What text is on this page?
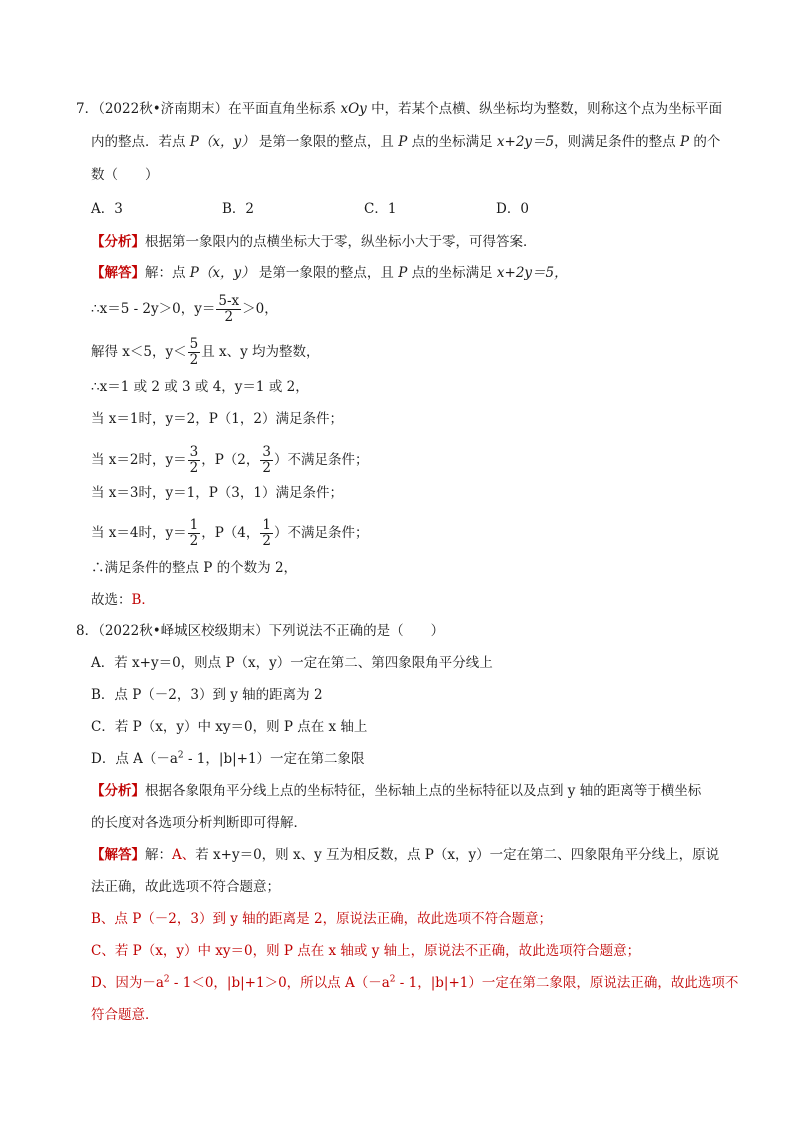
7．（2022秋•济南期末）在平面直角坐标系 xOy 中，若某个点横、纵坐标均为整数，则称这个点为坐标平面
内的整点．若点 P（x，y） 是第一象限的整点，且 P 点的坐标满足 x+2y＝5，则满足条件的整点 P 的个
数（　　）
A．3	B．2	C．1	D．0
【分析】根据第一象限内的点横坐标大于零，纵坐标小大于零，可得答案．
【解答】解：点 P（x，y） 是第一象限的整点，且 P 点的坐标满足 x+2y＝5，
∴x＝5 - 2y＞0，$y= \frac{5-x}{2} >0$，
解得 x＜5，$y< \frac{5}{2}$ 且 x、y 均为整数，
∴x＝1 或 2 或 3 或 4，y＝1 或 2，
当 x＝1时，y＝2，P（1，2）满足条件；
当 x＝2时，$y= \frac{3}{2}$ ，P（2， $\frac{3}{2}$ ）不满足条件；
当 x＝3时，y＝1，P（3，1）满足条件；
当 x＝4时，$y= \frac{1}{2}$ ，P（4， $\frac{1}{2}$ ）不满足条件；
∴满足条件的整点 P 的个数为 2，
故选：B．
8．（2022秋•峄城区校级期末）下列说法不正确的是（　　）
A．若 x+y＝0，则点 P（x，y）一定在第二、第四象限角平分线上
B．点 P（－2，3）到 y 轴的距离为 2
C．若 P（x，y）中 xy＝0，则 P 点在 x 轴上
D．点 $A(-a^2 - 1$，|b|+1）一定在第二象限
【分析】根据各象限角平分线上点的坐标特征，坐标轴上点的坐标特征以及点到 y 轴的距离等于横坐标
的长度对各选项分析判断即可得解．
【解答】解：A、若 x+y＝0，则 x、y 互为相反数，点 P（x，y）一定在第二、四象限角平分线上，原说
法正确，故此选项不符合题意；
B、点 P（－2，3）到 y 轴的距离是 2，原说法正确，故此选项不符合题意；
C、若 P（x，y）中 xy＝0，则 P 点在 x 轴或 y 轴上，原说法不正确，故此选项符合题意；
D、因为$-a^2 - 1<0$，|b|+1＞0，所以点 $A(-a^2 - 1$，|b|+1）一定在第二象限，原说法正确，故此选项不
符合题意．
